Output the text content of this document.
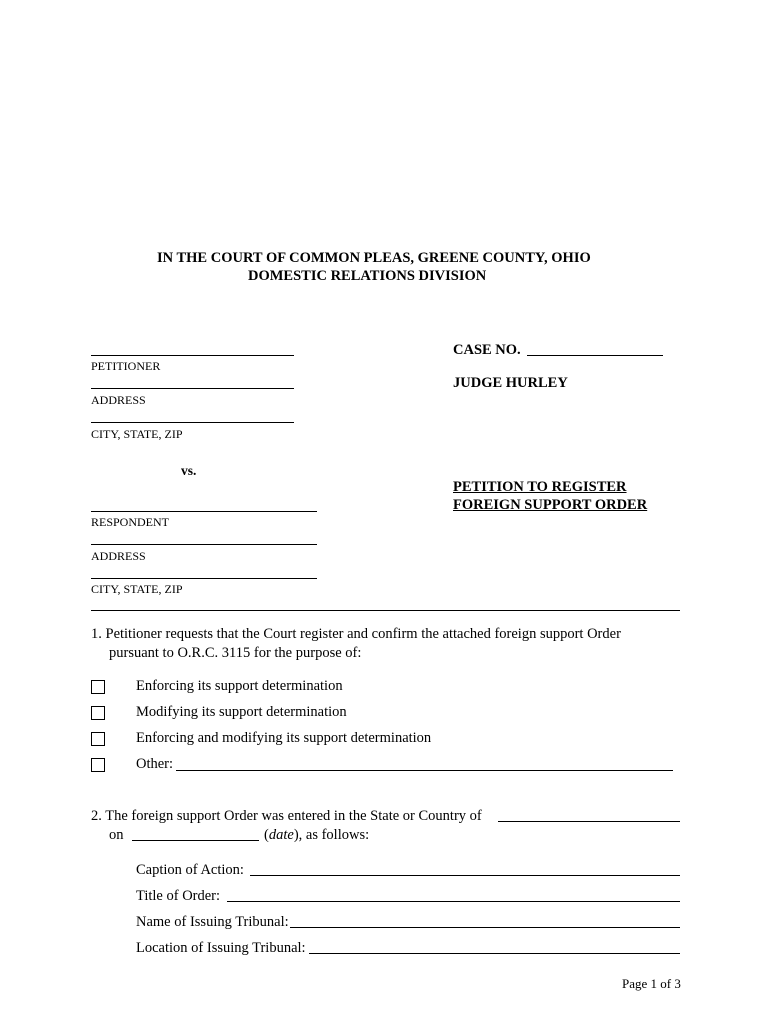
IN THE COURT OF COMMON PLEAS, GREENE COUNTY, OHIO
DOMESTIC RELATIONS DIVISION
PETITIONER
ADDRESS
CITY, STATE, ZIP
vs.
RESPONDENT
ADDRESS
CITY, STATE, ZIP
CASE NO.
JUDGE HURLEY
PETITION TO REGISTER
FOREIGN SUPPORT ORDER
1. Petitioner requests that the Court register and confirm the attached foreign support Order
pursuant to O.R.C. 3115 for the purpose of:
Enforcing its support determination
Modifying its support determination
Enforcing and modifying its support determination
Other:
2. The foreign support Order was entered in the State or Country of
on	(date), as follows:
Caption of Action:
Title of Order:
Name of Issuing Tribunal:
Location of Issuing Tribunal:
Page 1 of 3
